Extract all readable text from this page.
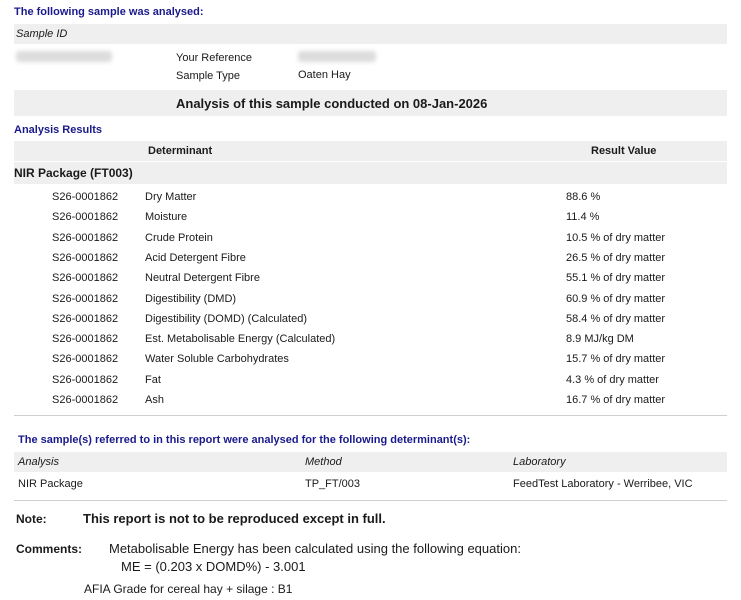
The following sample was analysed:
Sample ID
Your Reference
Sample Type	Oaten Hay
Analysis of this sample conducted on 08-Jan-2026
Analysis Results
Determinant	Result Value
NIR Package (FT003)
S26-0001862 Dry Matter	88.6 %
S26-0001862 Moisture	11.4 %
S26-0001862 Crude Protein	10.5 % of dry matter
S26-0001862 Acid Detergent Fibre	26.5 % of dry matter
S26-0001862 Neutral Detergent Fibre	55.1 % of dry matter
S26-0001862 Digestibility (DMD)	60.9 % of dry matter
S26-0001862 Digestibility (DOMD) (Calculated)	58.4 % of dry matter
S26-0001862 Est. Metabolisable Energy (Calculated)	8.9 MJ/kg DM
S26-0001862 Water Soluble Carbohydrates	15.7 % of dry matter
S26-0001862 Fat	4.3 % of dry matter
S26-0001862 Ash	16.7 % of dry matter
The sample(s) referred to in this report were analysed for the following determinant(s):
Analysis	Method	Laboratory
NIR Package	TP_FT/003	FeedTest Laboratory - Werribee, VIC
Note:	This report is not to be reproduced except in full.
Comments: Metabolisable Energy has been calculated using the following equation:
ME = (0.203 x DOMD%) - 3.001
AFIA Grade for cereal hay + silage : B1
